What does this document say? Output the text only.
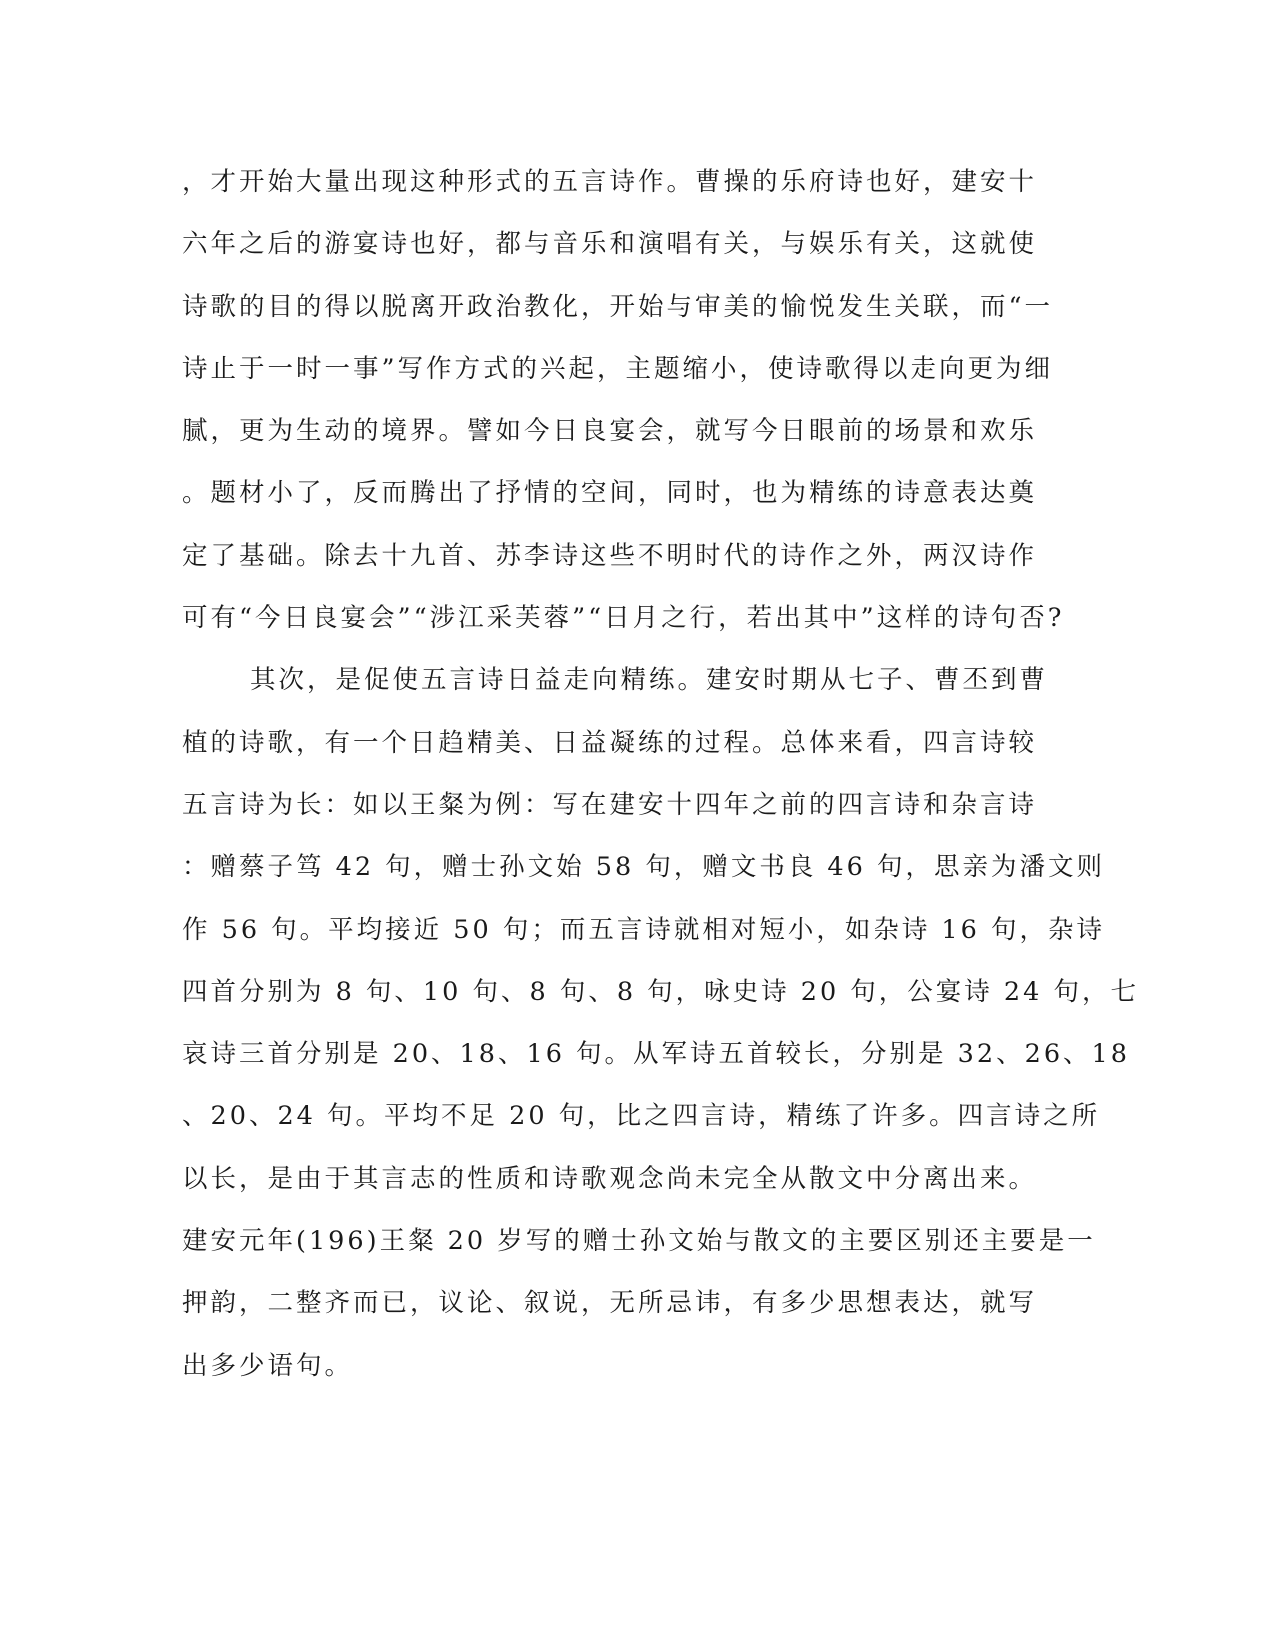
，才开始大量出现这种形式的五言诗作。曹操的乐府诗也好，建安十
六年之后的游宴诗也好，都与音乐和演唱有关，与娱乐有关，这就使
诗歌的目的得以脱离开政治教化，开始与审美的愉悦发生关联，而“一
诗止于一时一事”写作方式的兴起，主题缩小，使诗歌得以走向更为细
腻，更为生动的境界。譬如今日良宴会，就写今日眼前的场景和欢乐
。题材小了，反而腾出了抒情的空间，同时，也为精练的诗意表达奠
定了基础。除去十九首、苏李诗这些不明时代的诗作之外，两汉诗作
可有“今日良宴会”“涉江采芙蓉”“日月之行，若出其中”这样的诗句否?
其次，是促使五言诗日益走向精练。建安时期从七子、曹丕到曹
植的诗歌，有一个日趋精美、日益凝练的过程。总体来看，四言诗较
五言诗为长：如以王粲为例：写在建安十四年之前的四言诗和杂言诗
：赠蔡子笃 42 句，赠士孙文始 58 句，赠文书良 46 句，思亲为潘文则
作 56 句。平均接近 50 句；而五言诗就相对短小，如杂诗 16 句，杂诗
四首分别为 8 句、10 句、8 句、8 句，咏史诗 20 句，公宴诗 24 句，七
哀诗三首分别是 20、18、16 句。从军诗五首较长，分别是 32、26、18
、20、24 句。平均不足 20 句，比之四言诗，精练了许多。四言诗之所
以长，是由于其言志的性质和诗歌观念尚未完全从散文中分离出来。
建安元年(196)王粲 20 岁写的赠士孙文始与散文的主要区别还主要是一
押韵，二整齐而已，议论、叙说，无所忌讳，有多少思想表达，就写
出多少语句。
